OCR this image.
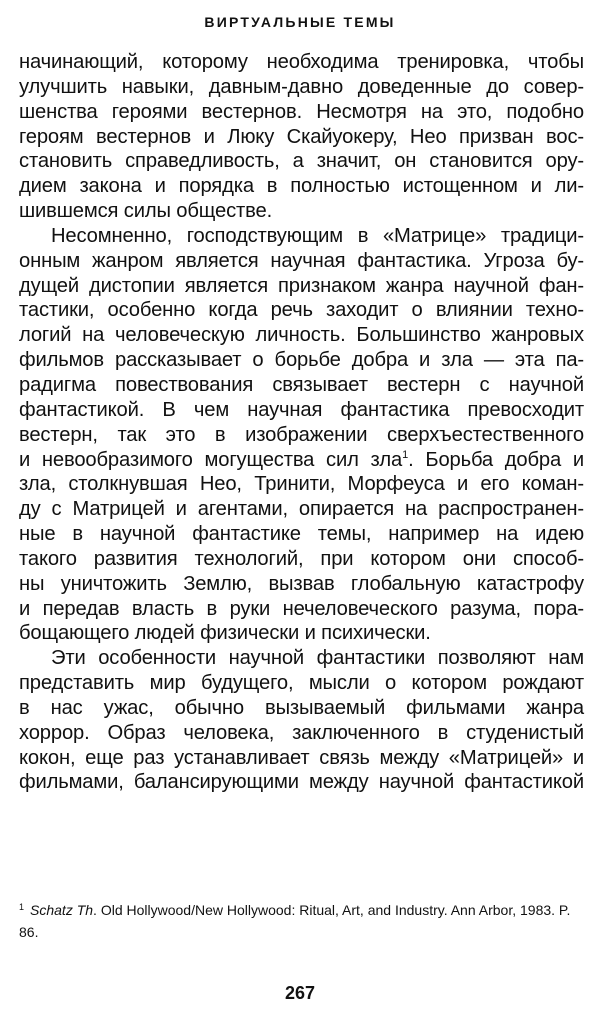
ВИРТУАЛЬНЫЕ ТЕМЫ
начинающий, которому необходима тренировка, чтобы
улучшить навыки, давным-давно доведенные до совер-
шенства героями вестернов. Несмотря на это, подобно
героям вестернов и Люку Скайуокеру, Нео призван вос-
становить справедливость, а значит, он становится ору-
дием закона и порядка в полностью истощенном и ли-
шившемся силы обществе.
Несомненно, господствующим в «Матрице» традици-
онным жанром является научная фантастика. Угроза бу-
дущей дистопии является признаком жанра научной фан-
тастики, особенно когда речь заходит о влиянии техно-
логий на человеческую личность. Большинство жанровых
фильмов рассказывает о борьбе добра и зла — эта па-
радигма повествования связывает вестерн с научной
фантастикой. В чем научная фантастика превосходит
вестерн, так это в изображении сверхъестественного
и невообразимого могущества сил зла$^1$. Борьба добра и
зла, столкнувшая Нео, Тринити, Морфеуса и его коман-
ду с Матрицей и агентами, опирается на распространен-
ные в научной фантастике темы, например на идею
такого развития технологий, при котором они способ-
ны уничтожить Землю, вызвав глобальную катастрофу
и передав власть в руки нечеловеческого разума, пора-
бощающего людей физически и психически.
Эти особенности научной фантастики позволяют нам
представить мир будущего, мысли о котором рождают
в нас ужас, обычно вызываемый фильмами жанра
хоррор. Образ человека, заключенного в студенистый
кокон, еще раз устанавливает связь между «Матрицей» и
фильмами, балансирующими между научной фантастикой
$^1$ Schatz Th. Old Hollywood/New Hollywood: Ritual, Art, and Industry. Ann Arbor, 1983. P. 86.
267
